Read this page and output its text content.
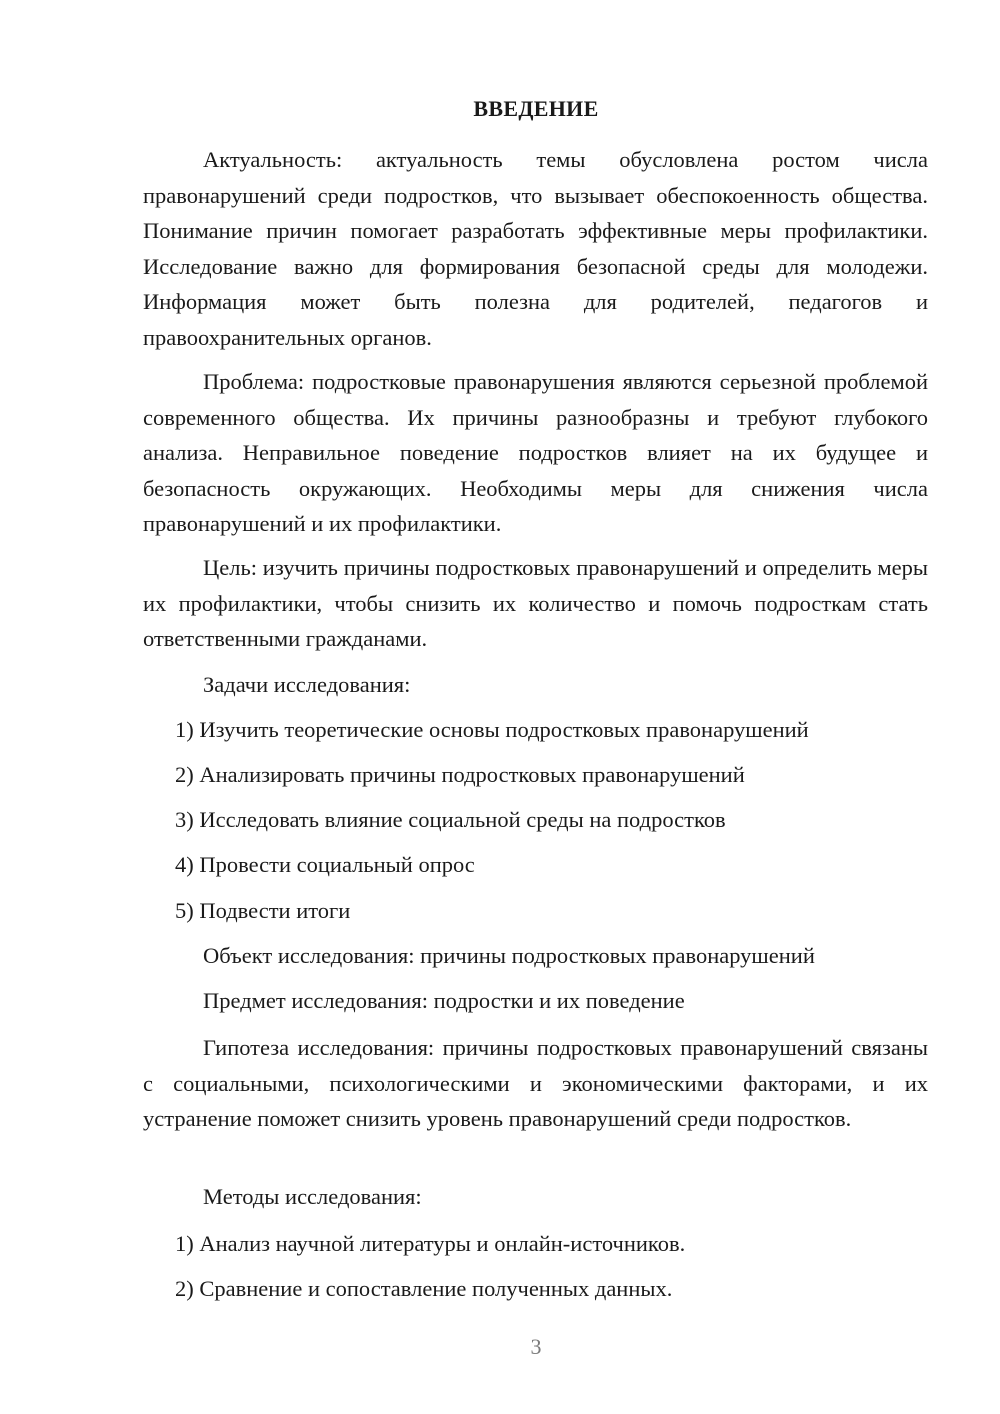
ВВЕДЕНИЕ

Актуальность: актуальность темы обусловлена ростом числа правонарушений среди подростков, что вызывает обеспокоенность общества. Понимание причин помогает разработать эффективные меры профилактики. Исследование важно для формирования безопасной среды для молодежи. Информация может быть полезна для родителей, педагогов и правоохранительных органов.

Проблема: подростковые правонарушения являются серьезной проблемой современного общества. Их причины разнообразны и требуют глубокого анализа. Неправильное поведение подростков влияет на их будущее и безопасность окружающих. Необходимы меры для снижения числа правонарушений и их профилактики.

Цель: изучить причины подростковых правонарушений и определить меры их профилактики, чтобы снизить их количество и помочь подросткам стать ответственными гражданами.

Задачи исследования:

1) Изучить теоретические основы подростковых правонарушений

2) Анализировать причины подростковых правонарушений

3) Исследовать влияние социальной среды на подростков

4) Провести социальный опрос

5) Подвести итоги

Объект исследования: причины подростковых правонарушений

Предмет исследования: подростки и их поведение

Гипотеза исследования: причины подростковых правонарушений связаны с социальными, психологическими и экономическими факторами, и их устранение поможет снизить уровень правонарушений среди подростков.

Методы исследования:

1) Анализ научной литературы и онлайн-источников.

2) Сравнение и сопоставление полученных данных.

3
